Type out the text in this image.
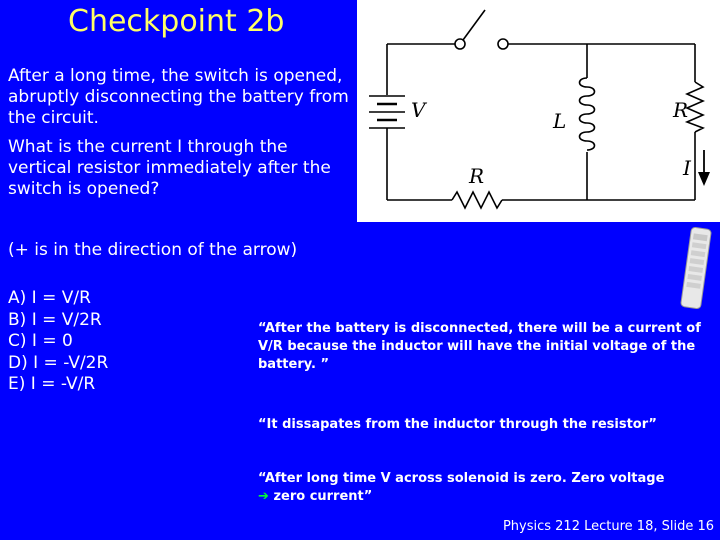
Checkpoint 2b

After a long time, the switch is opened, abruptly disconnecting the battery from the circuit.

What is the current I through the vertical resistor immediately after the switch is opened?

V	L	R
R	I
(+ is in the direction of the arrow)
A) I = V/R
B) I = V/2R
C) I = 0
D) I = -V/2R
E) I = -V/R

“After the battery is disconnected, there will be a current of V/R because the inductor will have the initial voltage of the battery. ”

“It dissapates from the inductor through the resistor”

“After long time V across solenoid is zero. Zero voltage
➔ zero current”
Physics 212 Lecture 18, Slide 16
